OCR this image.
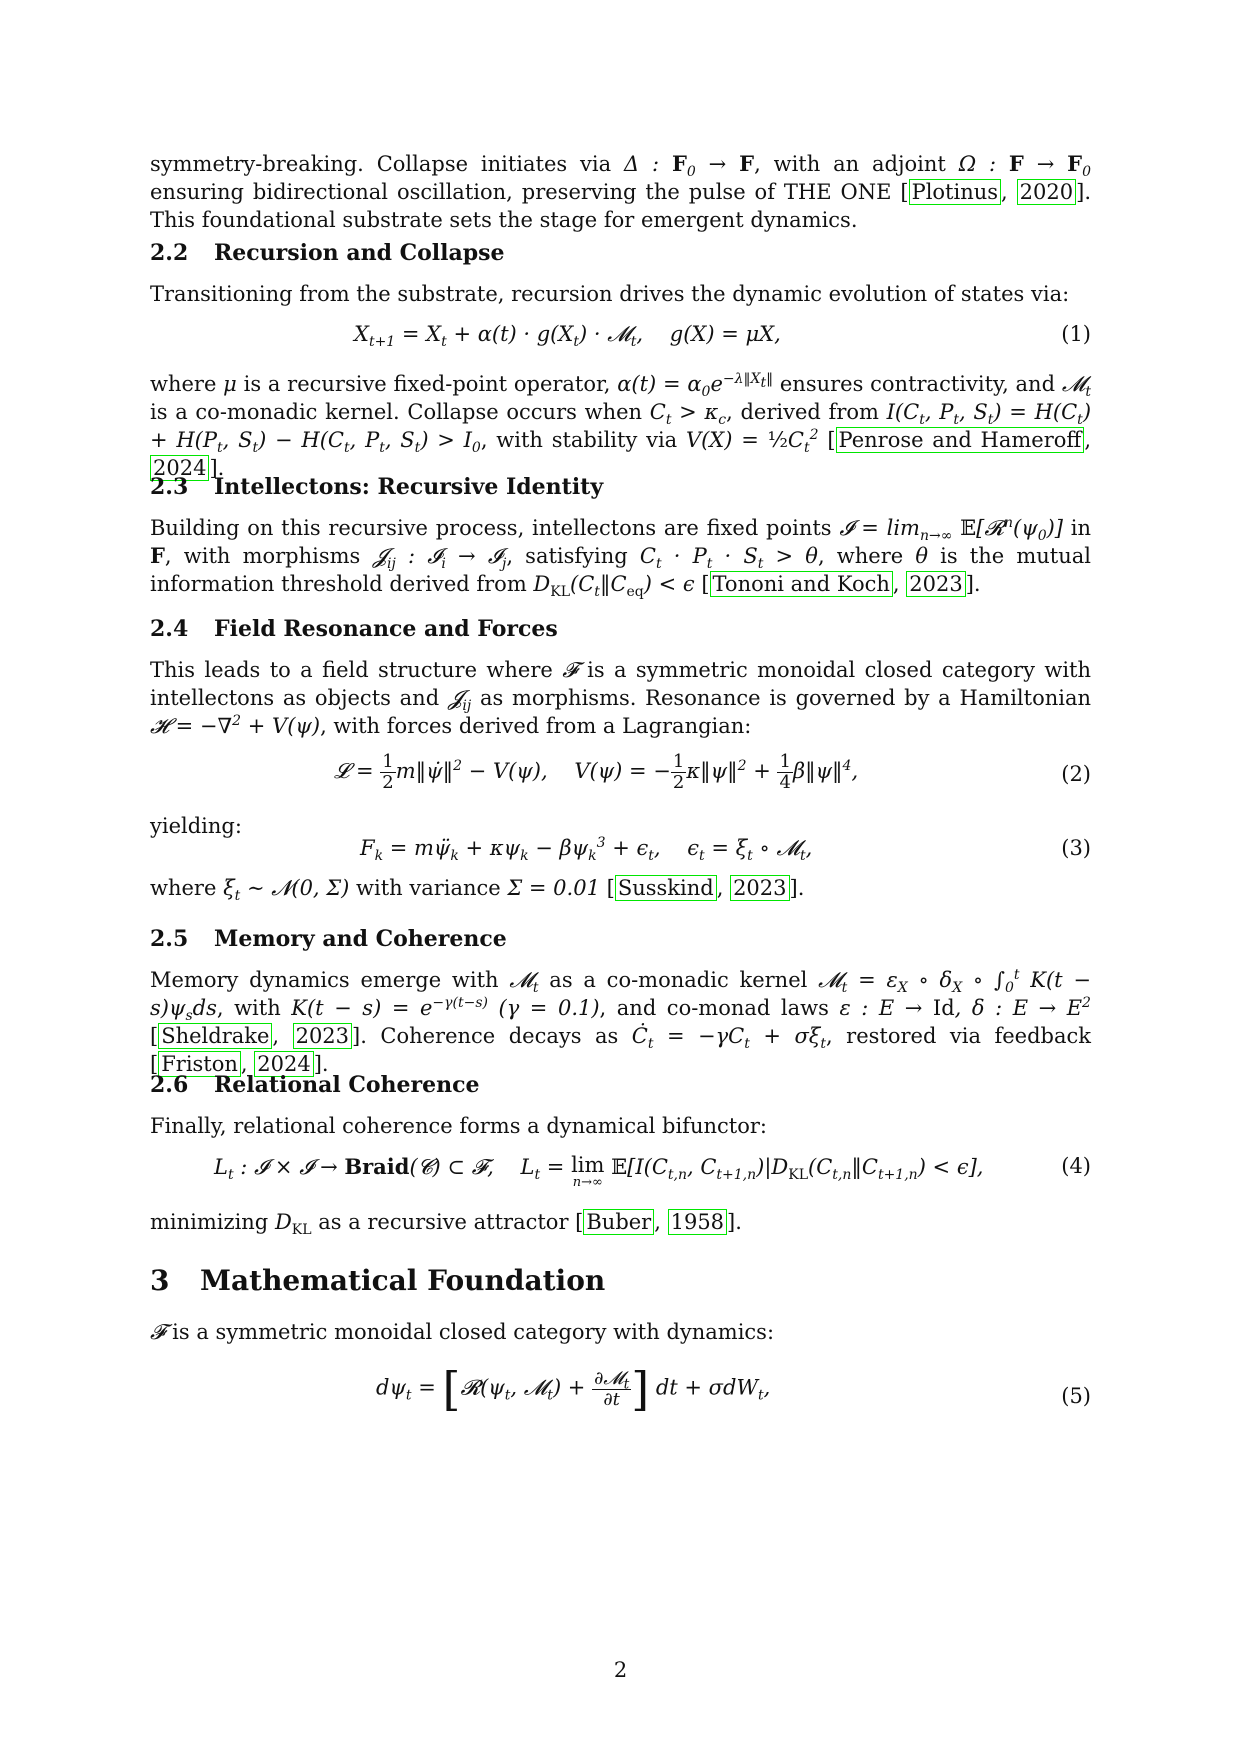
symmetry-breaking. Collapse initiates via Δ : $F_0 \to F$, with an adjoint Ω : $F \to F_0$ ensuring bidirectional oscillation, preserving the pulse of THE ONE [ Plotinus , 2020 ]. This foundational substrate sets the stage for emergent dynamics.

2.2 Recursion and Collapse

Transitioning from the substrate, recursion drives the dynamic evolution of states via:

$X_{t+1} = X_t + \alpha(t) \cdot g(X_t)$ · 𝓜$_t$,    g(X) = μX,	(1)

where μ is a recursive fixed-point operator, $\alpha(t) = \alpha_0e^{-\lambda‖X_t‖}$ ensures contractivity, and 𝓜$_t$ is a co-monadic kernel. Collapse occurs when $C_t > \kappa_c$, derived from $I(C_t$, $P_t$, $S_t) = H(C_t) + H(P_t$, $S_t) - H(C_t$, $P_t$, $S_t) > I_0$, with stability via $V(X) = \frac{1}{2}C_t^2$ [ Penrose and Hameroff , 2024 ].

2.3 Intellectons: Recursive Identity

Building on this recursive process, intellectons are fixed points 𝓘 = $\lim_{n\to\infty}$ $𝔼[𝓡^n(\psi_0)]$ in F, with morphisms 𝓙$_{ij}$ : 𝓘$_i$ → 𝓘$_j$, satisfying $C_t \cdot P_t \cdot S_t > \theta$, where θ is the mutual information threshold derived from $D_{KL}(C_t‖C_{eq}) < \epsilon$ [ Tononi and Koch , 2023 ].

2.4 Field Resonance and Forces

This leads to a field structure where 𝓕 is a symmetric monoidal closed category with intellectons as objects and 𝓙$_{ij}$ as morphisms. Resonance is governed by a Hamiltonian 𝓗 = −∇$^2$ + V(ψ), with forces derived from a Lagrangian:

𝓛 = $\frac{1}{2}$ m‖ψ̇‖$^2$ − V(ψ),    V(ψ) = − $\frac{1}{2}$ κ‖ψ‖$^2$ + $\frac{1}{4}$ β‖ψ‖$^4$,	(2)

yielding:

$F_k$ = $m\psï_k + \kappa\psi_k - \beta\psi_k^3 + \epsilon_t$,    $\epsilon_t = \xi_t$ ∘ 𝓜$_t$,	(3)

where $\xi_t$ ∼ 𝓝(0, Σ) with variance Σ = 0.01 [ Susskind , 2023 ].

2.5 Memory and Coherence

Memory dynamics emerge with 𝓜$_t$ as a co-monadic kernel 𝓜$_t$ = $\varepsilon_X$ ∘ $\delta_X$ ∘ $\int_0^t$ $K(t - s)\psi_sds$, with $K(t - s) = e^{-\gamma(t-s)}$ (γ = 0.1), and co-monad laws ε : E → Id, δ : $E \to E^2$ [ Sheldrake , 2023 ]. Coherence decays as $Ċ_t = -\gamma C_t + \sigma\xi_t$, restored via feedback [ Friston , 2024 ].

2.6 Relational Coherence

Finally, relational coherence forms a dynamical bifunctor:

$L_t$ : 𝓘 × 𝓘 → Braid(𝓒) ⊂ 𝓕,    $L_t = \lim$
n→∞
$𝔼[I(C_{t,n}$, $C_{t+1,n})|D_{KL}(C_{t,n}‖C_{t+1,n}) < \epsilon$],	(4)

minimizing $D_{KL}$ as a recursive attractor [ Buber , 1958 ].

3 Mathematical Foundation

𝓕 is a symmetric monoidal closed category with dynamics:

$d\psi_t$ = [$𝓡(\psi_t$, 𝓜$_t$) + $\frac{\partial 𝓜_t}{\partial t}$ ] dt + σdW$_t$,	(5)
2
